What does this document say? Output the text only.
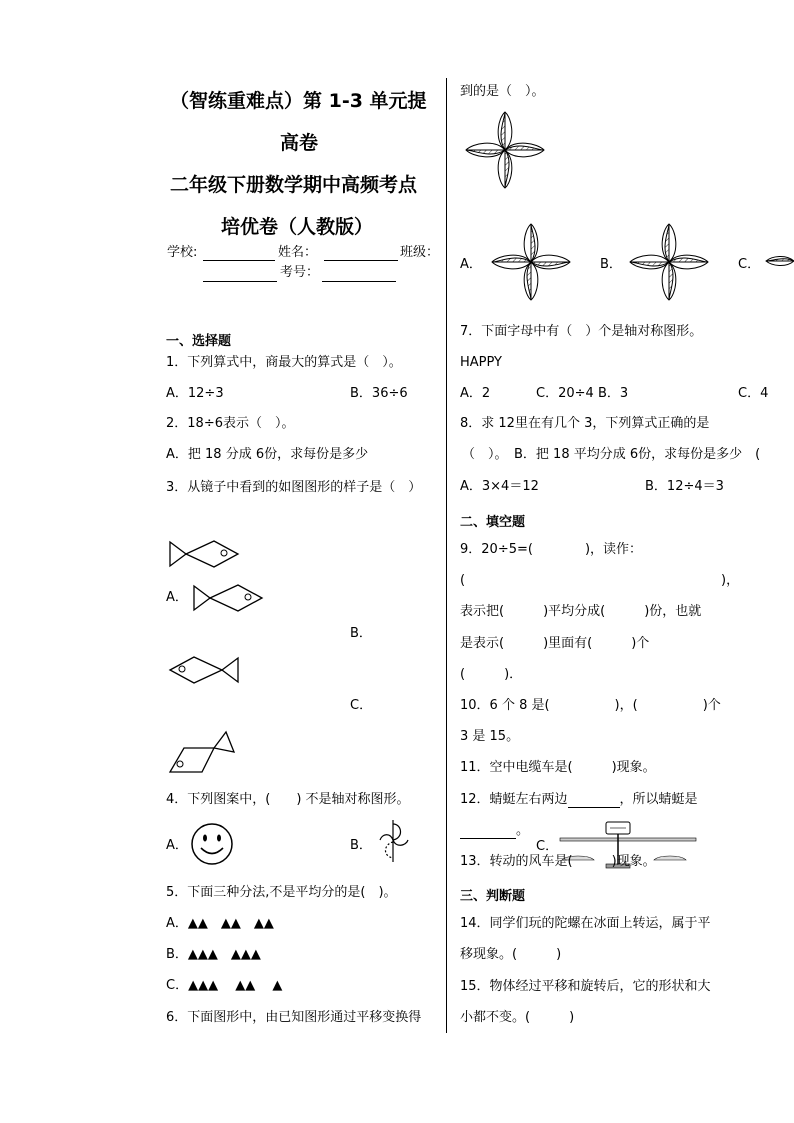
（智练重难点）第 1-3 单元提
高卷
二年级下册数学期中高频考点
培优卷（人教版）
学校:	姓名：	班级：
考号：
一、选择题
1．下列算式中，商最大的算式是（　）。
A．12÷3	B．36÷6
2．18÷6表示（　）。
A．把 18 分成 6份，求每份是多少
3．从镜子中看到的如图图形的样子是（　）
A．
B．
C．
4．下列图案中，(　　) 不是轴对称图形。
A．	B．
5．下面三种分法,不是平均分的是(　)。
A．▲▲　▲▲　▲▲
B．▲▲▲　▲▲▲
C．▲▲▲　 ▲▲　 ▲
6．下面图形中，由已知图形通过平移变换得
到的是（　）。
A．	B．	C．
7．下面字母中有（　）个是轴对称图形。
HAPPY
A．2	C．20÷4 B．3	C．4
8．求 12里在有几个 3，下列算式正确的是
（　）。　B．把 18 平均分成 6份，求每份是多少　(
A．3×4＝12	B．12÷4＝3
二、填空题
9．20÷5=(　　　　)，读作：
(	)，
表示把(　　　)平均分成(　　　)份，也就
是表示(　　　)里面有(　　　)个
(　　　)．
10．6 个 8 是(　　　　　)，(　　　　　)个
3 是 15。
11．空中电缆车是(　　　)现象。
12．蜻蜓左右两边	，所以蜻蜓是
。
C．
13．转动的风车是(　　　)现象。
三、判断题
14．同学们玩的陀螺在冰面上转运，属于平
移现象。(　　　)
15．物体经过平移和旋转后，它的形状和大
小都不变。(　　　)
